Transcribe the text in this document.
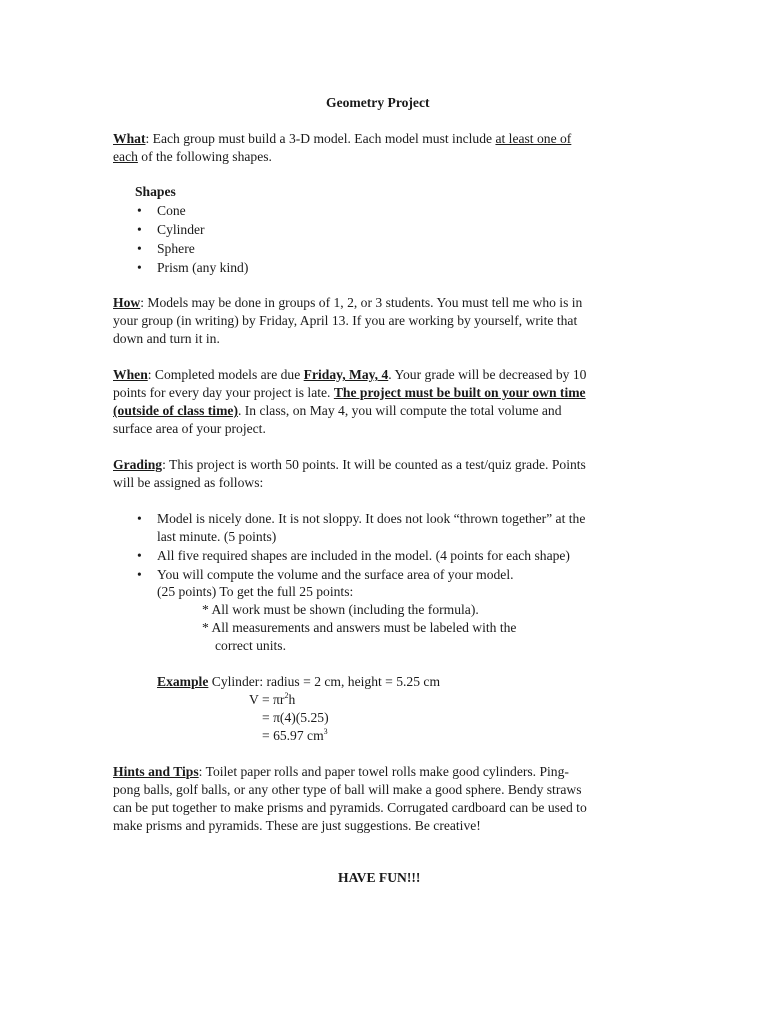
Geometry Project
What: Each group must build a 3-D model. Each model must include at least one of
each of the following shapes.
Shapes
• Cone
• Cylinder
• Sphere
• Prism (any kind)
How: Models may be done in groups of 1, 2, or 3 students. You must tell me who is in
your group (in writing) by Friday, April 13. If you are working by yourself, write that
down and turn it in.
When: Completed models are due Friday, May, 4. Your grade will be decreased by 10
points for every day your project is late. The project must be built on your own time
(outside of class time). In class, on May 4, you will compute the total volume and
surface area of your project.
Grading: This project is worth 50 points. It will be counted as a test/quiz grade. Points
will be assigned as follows:
• Model is nicely done. It is not sloppy. It does not look “thrown together” at the
last minute. (5 points)
• All five required shapes are included in the model. (4 points for each shape)
• You will compute the volume and the surface area of your model.
(25 points) To get the full 25 points:
* All work must be shown (including the formula).
* All measurements and answers must be labeled with the
correct units.
Example Cylinder: radius = 2 cm, height = 5.25 cm
$V = \pi r^2h$
= π(4)(5.25)
= 65.97 $cm^3$
Hints and Tips: Toilet paper rolls and paper towel rolls make good cylinders. Ping-
pong balls, golf balls, or any other type of ball will make a good sphere. Bendy straws
can be put together to make prisms and pyramids. Corrugated cardboard can be used to
make prisms and pyramids. These are just suggestions. Be creative!
HAVE FUN!!!
